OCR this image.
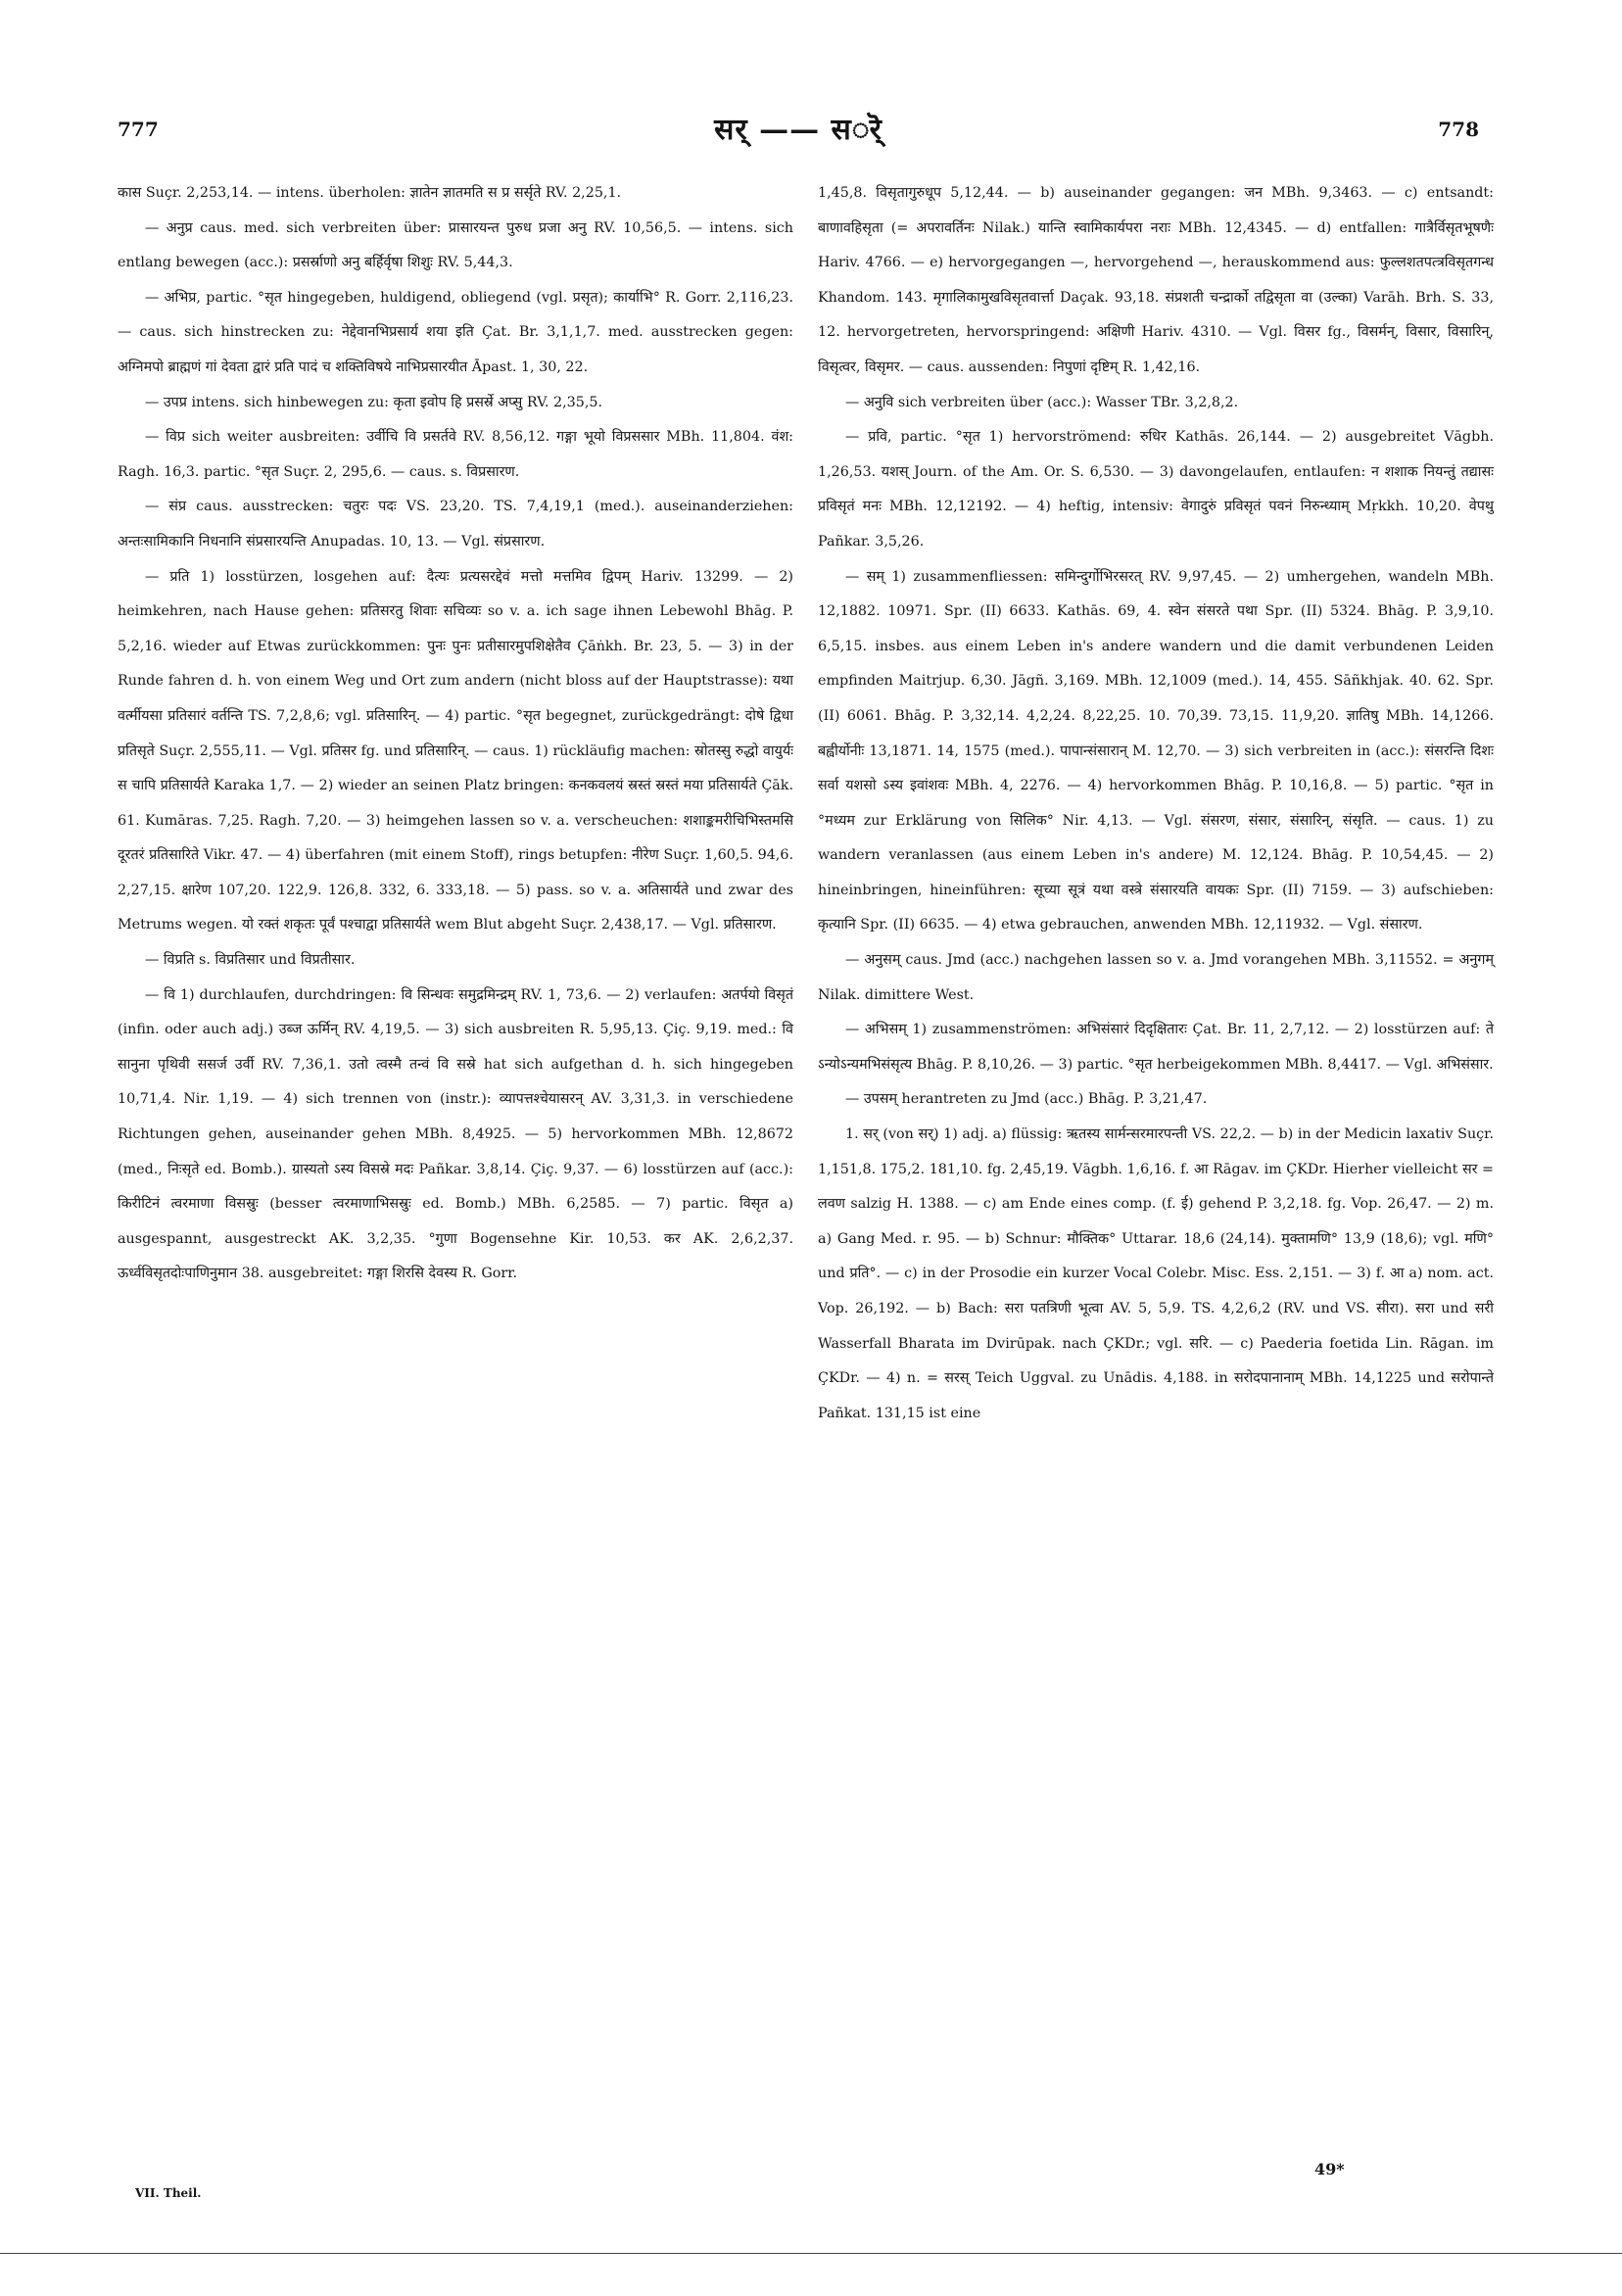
777	सर् —— सर्ॆ	778

कास Suçr. 2,253,14. — intens. überholen: ज्ञातेन ज्ञातमति स प्र सर्सृते RV. 2,25,1.

— अनुप्र caus. med. sich verbreiten über: प्रासारयन्त पुरुध प्रजा अनु RV. 10,56,5. — intens. sich entlang bewegen (acc.): प्रसर्स्राणो अनु बर्हिर्वृषा शिशुः RV. 5,44,3.

— अभिप्र, partic. °सृत hingegeben, huldigend, obliegend (vgl. प्रसृत); कार्याभि° R. Gorr. 2,116,23. — caus. sich hinstrecken zu: नेद्देवानभिप्रसार्य शया इति Çat. Br. 3,1,1,7. med. ausstrecken gegen: अग्निमपो ब्राह्मणं गां देवता द्वारं प्रति पादं च शक्तिविषये नाभिप्रसारयीत Āpast. 1, 30, 22.

— उपप्र intens. sich hinbewegen zu: कृता इवोप हि प्रसर्स्रे अप्सु RV. 2,35,5.

— विप्र sich weiter ausbreiten: उर्वीचि वि प्रसर्तवे RV. 8,56,12. गङ्गा भूयो विप्रससार MBh. 11,804. वंश: Ragh. 16,3. partic. °सृत Suçr. 2, 295,6. — caus. s. विप्रसारण.

— संप्र caus. ausstrecken: चतुरः पदः VS. 23,20. TS. 7,4,19,1 (med.). auseinanderziehen: अन्तःसामिकानि निधनानि संप्रसारयन्ति Anupadas. 10, 13. — Vgl. संप्रसारण.

— प्रति 1) losstürzen, losgehen auf: दैत्यः प्रत्यसरद्देवं मत्तो मत्तमिव द्विपम् Hariv. 13299. — 2) heimkehren, nach Hause gehen: प्रतिसरतु शिवाः सचिव्यः so v. a. ich sage ihnen Lebewohl Bhāg. P. 5,2,16. wieder auf Etwas zurückkommen: पुनः पुनः प्रतीसारमुपशिक्षेतैव Çāṅkh. Br. 23, 5. — 3) in der Runde fahren d. h. von einem Weg und Ort zum andern (nicht bloss auf der Hauptstrasse): यथा वर्त्मीयसा प्रतिसारं वर्तन्ति TS. 7,2,8,6; vgl. प्रतिसारिन्. — 4) partic. °सृत begegnet, zurückgedrängt: दोषे द्विधा प्रतिसृते Suçr. 2,555,11. — Vgl. प्रतिसर fg. und प्रतिसारिन्. — caus. 1) rückläufig machen: स्रोतस्सु रुद्धो वायुर्यः स चापि प्रतिसार्यते Karaka 1,7. — 2) wieder an seinen Platz bringen: कनकवलयं स्रस्तं स्रस्तं मया प्रतिसार्यते Çāk. 61. Kumāras. 7,25. Ragh. 7,20. — 3) heimgehen lassen so v. a. verscheuchen: शशाङ्कमरीचिभिस्तमसि दूरतरं प्रतिसारिते Vikr. 47. — 4) überfahren (mit einem Stoff), rings betupfen: नीरेण Suçr. 1,60,5. 94,6. 2,27,15. क्षारेण 107,20. 122,9. 126,8. 332, 6. 333,18. — 5) pass. so v. a. अतिसार्यते und zwar des Metrums wegen. यो रक्तं शकृतः पूर्वं पश्चाद्वा प्रतिसार्यते wem Blut abgeht Suçr. 2,438,17. — Vgl. प्रतिसारण.

— विप्रति s. विप्रतिसार und विप्रतीसार.

— वि 1) durchlaufen, durchdringen: वि सिन्धवः समुद्रमिन्द्रम् RV. 1, 73,6. — 2) verlaufen: अतर्पयो विसृतं (infin. oder auch adj.) उब्ज ऊर्मिन् RV. 4,19,5. — 3) sich ausbreiten R. 5,95,13. Çiç. 9,19. med.: वि सानुना पृथिवी ससर्ज उर्वी RV. 7,36,1. उतो त्वस्मै तन्वं वि सस्रे hat sich aufgethan d. h. sich hingegeben 10,71,4. Nir. 1,19. — 4) sich trennen von (instr.): व्यापत्तश्चेयासरन् AV. 3,31,3. in verschiedene Richtungen gehen, auseinander gehen MBh. 8,4925. — 5) hervorkommen MBh. 12,8672 (med., निःसृते ed. Bomb.). ग्रास्यतो ऽस्य विसस्रे मदः Pañkar. 3,8,14. Çiç. 9,37. — 6) losstürzen auf (acc.): किरीटिनं त्वरमाणा विसस्रुः (besser त्वरमाणाभिसस्रुः ed. Bomb.) MBh. 6,2585. — 7) partic. विसृत a) ausgespannt, ausgestreckt AK. 3,2,35. °गुणा Bogensehne Kir. 10,53. कर AK. 2,6,2,37. ऊर्ध्वविसृतदोःपाणिनुमान 38. ausgebreitet: गङ्गा शिरसि देवस्य R. Gorr.

1,45,8. विसृतागुरुधूप 5,12,44. — b) auseinander gegangen: जन MBh. 9,3463. — c) entsandt: बाणावहिसृता (= अपरावर्तिनः Nilak.) यान्ति स्वामिकार्यपरा नराः MBh. 12,4345. — d) entfallen: गात्रैर्विसृतभूषणैः Hariv. 4766. — e) hervorgegangen —, hervorgehend —, herauskommend aus: फुल्लशतपत्त्रविसृतगन्ध Khandom. 143. मृगालिकामुखविसृतवार्त्ता Daçak. 93,18. संप्रशती चन्द्रार्को तद्विसृता वा (उल्का) Varāh. Brh. S. 33, 12. hervorgetreten, hervorspringend: अक्षिणी Hariv. 4310. — Vgl. विसर fg., विसर्मन्, विसार, विसारिन्, विसृत्वर, विसृमर. — caus. aussenden: निपुणां दृष्टिम् R. 1,42,16.

— अनुवि sich verbreiten über (acc.): Wasser TBr. 3,2,8,2.

— प्रवि, partic. °सृत 1) hervorströmend: रुधिर Kathās. 26,144. — 2) ausgebreitet Vāgbh. 1,26,53. यशस् Journ. of the Am. Or. S. 6,530. — 3) davongelaufen, entlaufen: न शशाक नियन्तुं तद्यासः प्रविसृतं मनः MBh. 12,12192. — 4) heftig, intensiv: वेगादुरुं प्रविसृतं पवनं निरुन्ध्याम् Mṛkkh. 10,20. वेपथु Pañkar. 3,5,26.

— सम् 1) zusammenfliessen: समिन्दुर्गोभिरसरत् RV. 9,97,45. — 2) umhergehen, wandeln MBh. 12,1882. 10971. Spr. (II) 6633. Kathās. 69, 4. स्वेन संसरते पथा Spr. (II) 5324. Bhāg. P. 3,9,10. 6,5,15. insbes. aus einem Leben in's andere wandern und die damit verbundenen Leiden empfinden Maitrjup. 6,30. Jāgñ. 3,169. MBh. 12,1009 (med.). 14, 455. Sāñkhjak. 40. 62. Spr. (II) 6061. Bhāg. P. 3,32,14. 4,2,24. 8,22,25. 10. 70,39. 73,15. 11,9,20. ज्ञातिषु MBh. 14,1266. बह्वीर्योनीः 13,1871. 14, 1575 (med.). पापान्संसारान् M. 12,70. — 3) sich verbreiten in (acc.): संसरन्ति दिशः सर्वा यशसो ऽस्य इवांशवः MBh. 4, 2276. — 4) hervorkommen Bhāg. P. 10,16,8. — 5) partic. °सृत in °मध्यम zur Erklärung von सिलिक° Nir. 4,13. — Vgl. संसरण, संसार, संसारिन्, संसृति. — caus. 1) zu wandern veranlassen (aus einem Leben in's andere) M. 12,124. Bhāg. P. 10,54,45. — 2) hineinbringen, hineinführen: सूच्या सूत्रं यथा वस्त्रे संसारयति वायकः Spr. (II) 7159. — 3) aufschieben: कृत्यानि Spr. (II) 6635. — 4) etwa gebrauchen, anwenden MBh. 12,11932. — Vgl. संसारण.

— अनुसम् caus. Jmd (acc.) nachgehen lassen so v. a. Jmd vorangehen MBh. 3,11552. = अनुगम् Nilak. dimittere West.

— अभिसम् 1) zusammenströmen: अभिसंसारं दिदृक्षितारः Çat. Br. 11, 2,7,12. — 2) losstürzen auf: ते ऽन्योऽन्यमभिसंसृत्य Bhāg. P. 8,10,26. — 3) partic. °सृत herbeigekommen MBh. 8,4417. — Vgl. अभिसंसार.

— उपसम् herantreten zu Jmd (acc.) Bhāg. P. 3,21,47.

1. सर् (von सर्) 1) adj. a) flüssig: ऋतस्य सार्मन्सरमारपन्ती VS. 22,2. — b) in der Medicin laxativ Suçr. 1,151,8. 175,2. 181,10. fg. 2,45,19. Vāgbh. 1,6,16. f. आ Rāgav. im ÇKDr. Hierher vielleicht सर = लवण salzig H. 1388. — c) am Ende eines comp. (f. ई) gehend P. 3,2,18. fg. Vop. 26,47. — 2) m. a) Gang Med. r. 95. — b) Schnur: मौक्तिक° Uttarar. 18,6 (24,14). मुक्तामणि° 13,9 (18,6); vgl. मणि° und प्रति°. — c) in der Prosodie ein kurzer Vocal Colebr. Misc. Ess. 2,151. — 3) f. आ a) nom. act. Vop. 26,192. — b) Bach: सरा पतत्रिणी भूत्वा AV. 5, 5,9. TS. 4,2,6,2 (RV. und VS. सीरा). सरा und सरी Wasserfall Bharata im Dvirūpak. nach ÇKDr.; vgl. सरि. — c) Paederia foetida Lin. Rāgan. im ÇKDr. — 4) n. = सरस् Teich Uggval. zu Unādis. 4,188. in सरोदपानानाम् MBh. 14,1225 und सरोपान्ते Pañkat. 131,15 ist eine

VII. Theil.
49*
